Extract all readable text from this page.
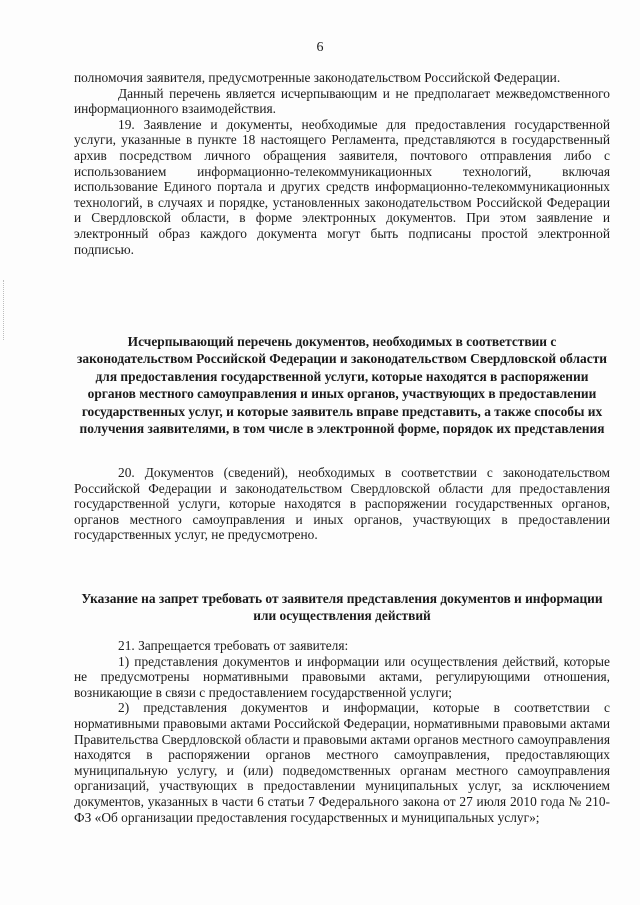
6

полномочия заявителя, предусмотренные законодательством Российской Федерации.

Данный перечень является исчерпывающим и не предполагает межведомственного информационного взаимодействия.

19. Заявление и документы, необходимые для предоставления государственной услуги, указанные в пункте 18 настоящего Регламента, представляются в государственный архив посредством личного обращения заявителя, почтового отправления либо с использованием информационно-телекоммуникационных технологий, включая использование Единого портала и других средств информационно-телекоммуникационных технологий, в случаях и порядке, установленных законодательством Российской Федерации и Свердловской области, в форме электронных документов. При этом заявление и электронный образ каждого документа могут быть подписаны простой электронной подписью.

Исчерпывающий перечень документов, необходимых в соответствии с законодательством Российской Федерации и законодательством Свердловской области для предоставления государственной услуги, которые находятся в распоряжении органов местного самоуправления и иных органов, участвующих в предоставлении государственных услуг, и которые заявитель вправе представить, а также способы их получения заявителями, в том числе в электронной форме, порядок их представления

20. Документов (сведений), необходимых в соответствии с законодательством Российской Федерации и законодательством Свердловской области для предоставления государственной услуги, которые находятся в распоряжении государственных органов, органов местного самоуправления и иных органов, участвующих в предоставлении государственных услуг, не предусмотрено.

Указание на запрет требовать от заявителя представления документов и информации или осуществления действий

21. Запрещается требовать от заявителя:

1) представления документов и информации или осуществления действий, которые не предусмотрены нормативными правовыми актами, регулирующими отношения, возникающие в связи с предоставлением государственной услуги;

2) представления документов и информации, которые в соответствии с нормативными правовыми актами Российской Федерации, нормативными правовыми актами Правительства Свердловской области и правовыми актами органов местного самоуправления находятся в распоряжении органов местного самоуправления, предоставляющих муниципальную услугу, и (или) подведомственных органам местного самоуправления организаций, участвующих в предоставлении муниципальных услуг, за исключением документов, указанных в части 6 статьи 7 Федерального закона от 27 июля 2010 года № 210-ФЗ «Об организации предоставления государственных и муниципальных услуг»;
